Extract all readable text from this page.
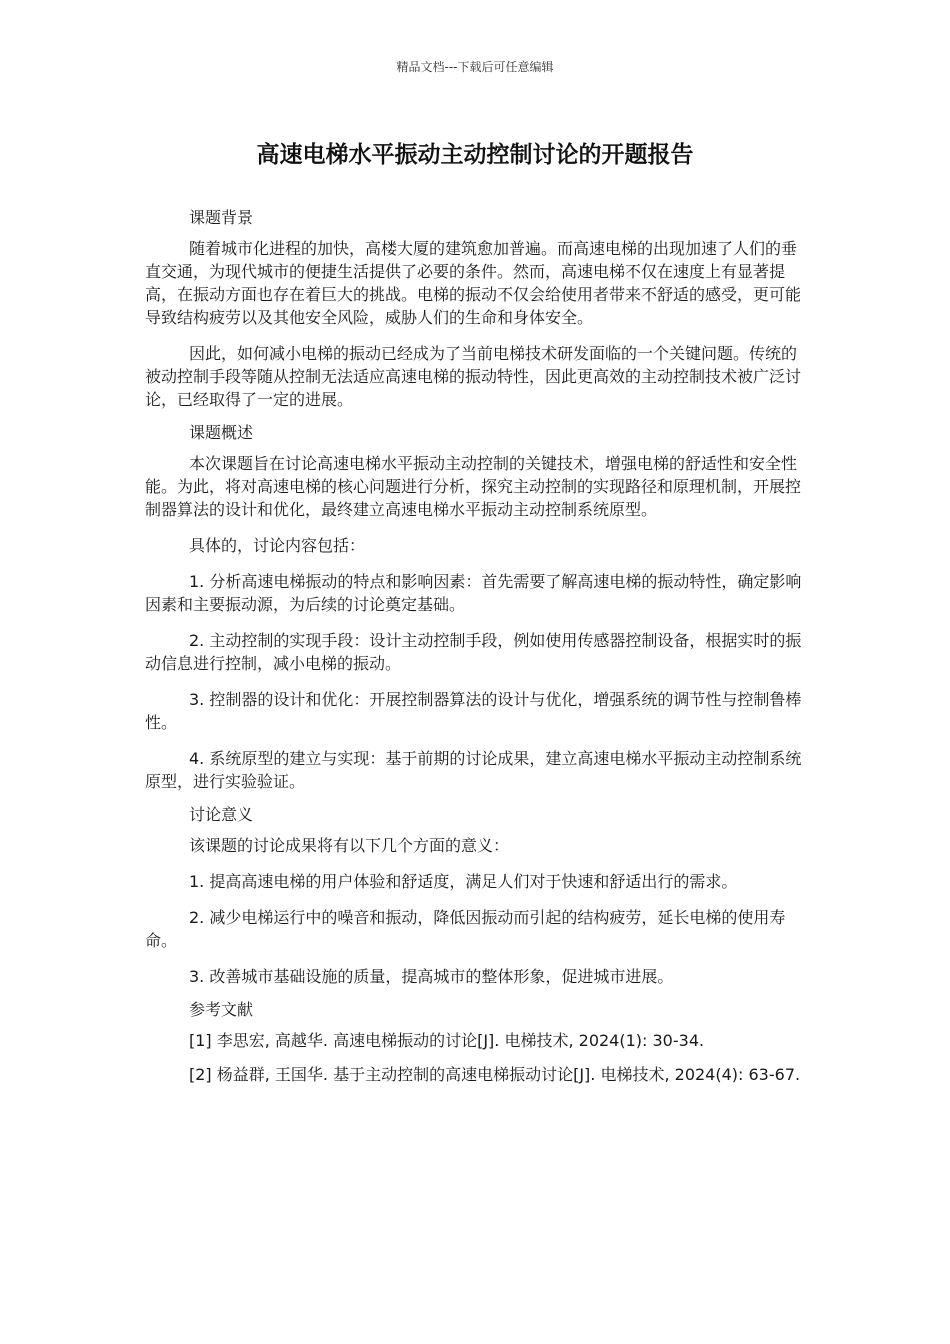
精品文档---下载后可任意编辑
高速电梯水平振动主动控制讨论的开题报告

课题背景

随着城市化进程的加快，高楼大厦的建筑愈加普遍。而高速电梯的出现加速了人们的垂直交通，为现代城市的便捷生活提供了必要的条件。然而，高速电梯不仅在速度上有显著提高，在振动方面也存在着巨大的挑战。电梯的振动不仅会给使用者带来不舒适的感受，更可能导致结构疲劳以及其他安全风险，威胁人们的生命和身体安全。

因此，如何减小电梯的振动已经成为了当前电梯技术研发面临的一个关键问题。传统的被动控制手段等随从控制无法适应高速电梯的振动特性，因此更高效的主动控制技术被广泛讨论，已经取得了一定的进展。

课题概述

本次课题旨在讨论高速电梯水平振动主动控制的关键技术，增强电梯的舒适性和安全性能。为此，将对高速电梯的核心问题进行分析，探究主动控制的实现路径和原理机制，开展控制器算法的设计和优化，最终建立高速电梯水平振动主动控制系统原型。

具体的，讨论内容包括：

1. 分析高速电梯振动的特点和影响因素：首先需要了解高速电梯的振动特性，确定影响因素和主要振动源，为后续的讨论奠定基础。

2. 主动控制的实现手段：设计主动控制手段，例如使用传感器控制设备，根据实时的振动信息进行控制，减小电梯的振动。

3. 控制器的设计和优化：开展控制器算法的设计与优化，增强系统的调节性与控制鲁棒性。

4. 系统原型的建立与实现：基于前期的讨论成果，建立高速电梯水平振动主动控制系统原型，进行实验验证。

讨论意义

该课题的讨论成果将有以下几个方面的意义：

1. 提高高速电梯的用户体验和舒适度，满足人们对于快速和舒适出行的需求。

2. 减少电梯运行中的噪音和振动，降低因振动而引起的结构疲劳，延长电梯的使用寿命。

3. 改善城市基础设施的质量，提高城市的整体形象，促进城市进展。

参考文献

[1] 李思宏, 高越华. 高速电梯振动的讨论[J]. 电梯技术, 2024(1): 30-34.

[2] 杨益群, 王国华. 基于主动控制的高速电梯振动讨论[J]. 电梯技术, 2024(4): 63-67.
